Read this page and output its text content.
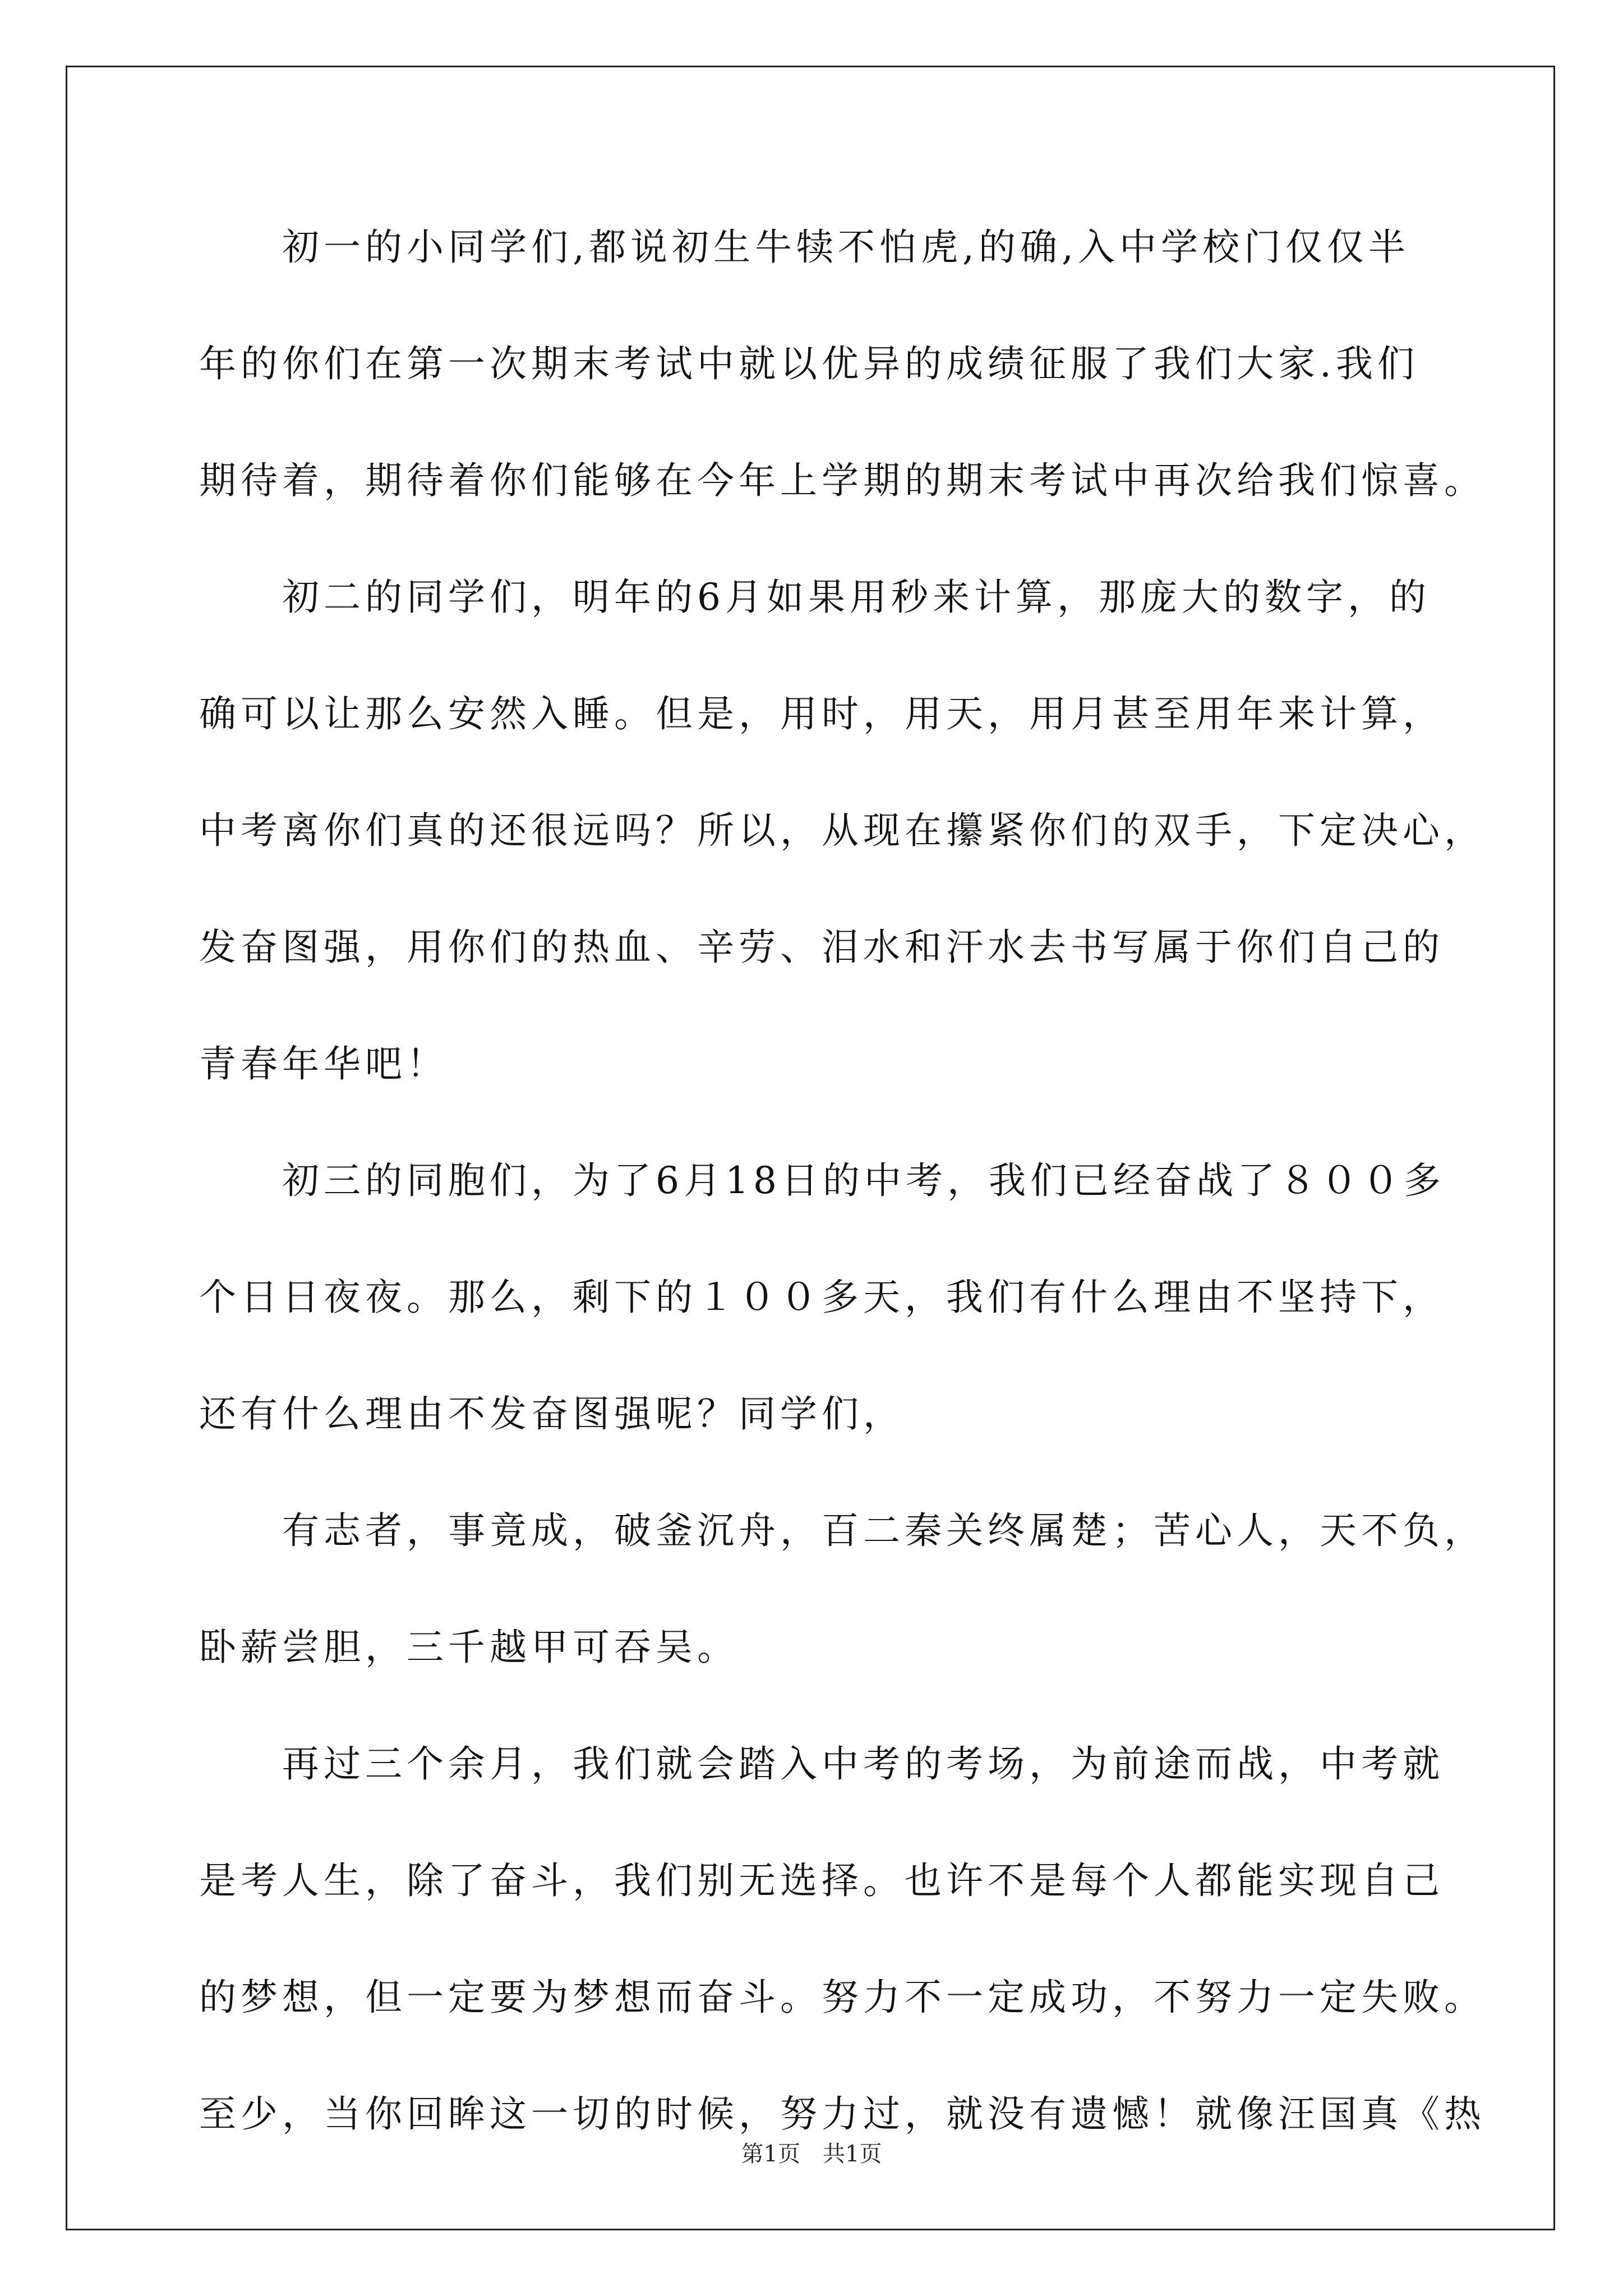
初一的小同学们,都说初生牛犊不怕虎,的确,入中学校门仅仅半
年的你们在第一次期末考试中就以优异的成绩征服了我们大家.我们
期待着，期待着你们能够在今年上学期的期末考试中再次给我们惊喜。
初二的同学们，明年的6月如果用秒来计算，那庞大的数字，的
确可以让那么安然入睡。但是，用时，用天，用月甚至用年来计算，
中考离你们真的还很远吗？所以，从现在攥紧你们的双手，下定决心，
发奋图强，用你们的热血、辛劳、泪水和汗水去书写属于你们自己的
青春年华吧！
初三的同胞们，为了6月18日的中考，我们已经奋战了８００多
个日日夜夜。那么，剩下的１００多天，我们有什么理由不坚持下，
还有什么理由不发奋图强呢？同学们，
有志者，事竟成，破釜沉舟，百二秦关终属楚；苦心人，天不负，
卧薪尝胆，三千越甲可吞吴。
再过三个余月，我们就会踏入中考的考场，为前途而战，中考就
是考人生，除了奋斗，我们别无选择。也许不是每个人都能实现自己
的梦想，但一定要为梦想而奋斗。努力不一定成功，不努力一定失败。
至少，当你回眸这一切的时候，努力过，就没有遗憾！就像汪国真《热
第1页　共1页
